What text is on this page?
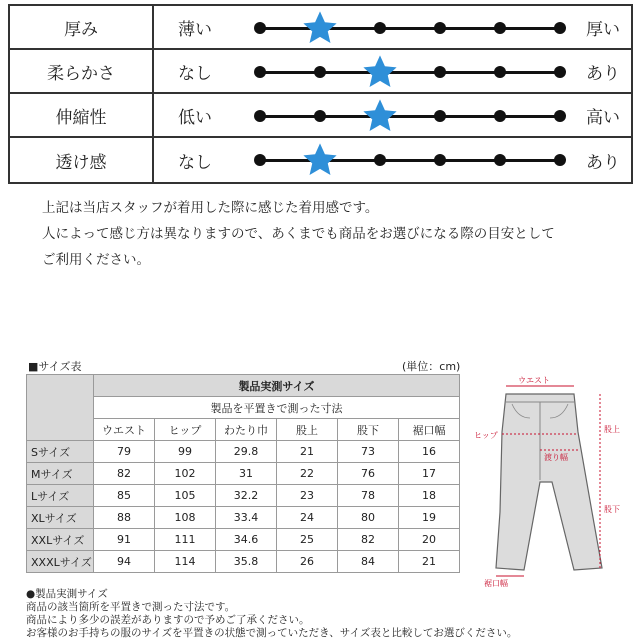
厚み	薄い	厚い
柔らかさ	なし	あり
伸縮性	低い	高い
透け感	なし	あり
上記は当店スタッフが着用した際に感じた着用感です。
人によって感じ方は異なりますので、あくまでも商品をお選びになる際の目安として
ご利用ください。
■サイズ表	(単位：cm)
	製品実測サイズ					
	製品を平置きで測った寸法					
	ウエスト	ヒップ	わたり巾	股上	股下	裾口幅
Sサイズ	79	99	29.8	21	73	16
Mサイズ	82	102	31	22	76	17
Lサイズ	85	105	32.2	23	78	18
XLサイズ	88	108	33.4	24	80	19
XXLサイズ	91	111	34.6	25	82	20
XXXLサイズ	94	114	35.8	26	84	21
ウエスト
ヒップ
渡り幅
股上
股下
裾口幅
●製品実測サイズ
商品の該当箇所を平置きで測った寸法です。
商品により多少の誤差がありますので予めご了承ください。
お客様のお手持ちの服のサイズを平置きの状態で測っていただき、サイズ表と比較してお選びください。
